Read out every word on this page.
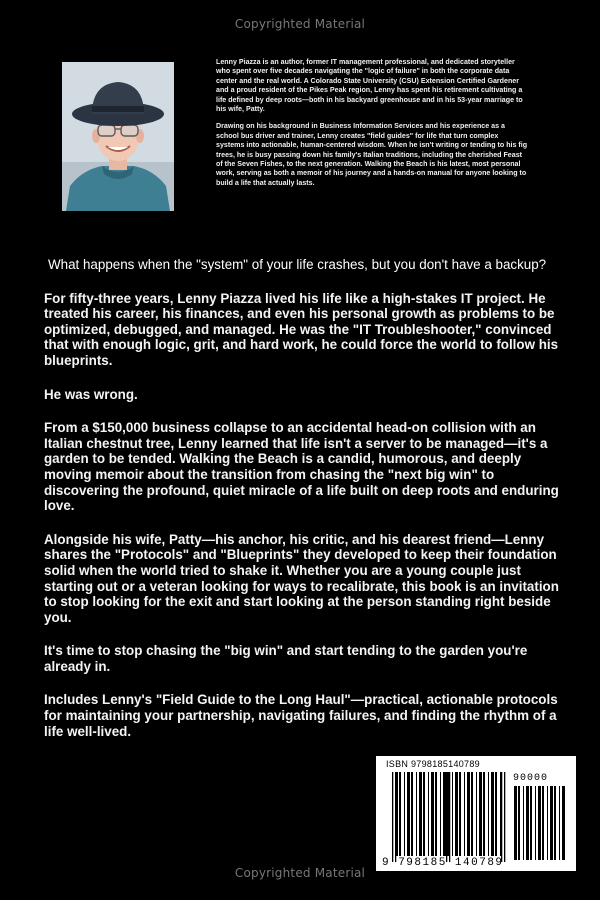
Copyrighted Material

Lenny Piazza is an author, former IT management professional, and dedicated storyteller who spent over five decades navigating the "logic of failure" in both the corporate data center and the real world. A Colorado State University (CSU) Extension Certified Gardener and a proud resident of the Pikes Peak region, Lenny has spent his retirement cultivating a life defined by deep roots—both in his backyard greenhouse and in his 53-year marriage to his wife, Patty.

Drawing on his background in Business Information Services and his experience as a school bus driver and trainer, Lenny creates "field guides" for life that turn complex systems into actionable, human-centered wisdom. When he isn't writing or tending to his fig trees, he is busy passing down his family's Italian traditions, including the cherished Feast of the Seven Fishes, to the next generation. Walking the Beach is his latest, most personal work, serving as both a memoir of his journey and a hands-on manual for anyone looking to build a life that actually lasts.

What happens when the "system" of your life crashes, but you don't have a backup?

For fifty-three years, Lenny Piazza lived his life like a high-stakes IT project. He treated his career, his finances, and even his personal growth as problems to be optimized, debugged, and managed. He was the "IT Troubleshooter," convinced that with enough logic, grit, and hard work, he could force the world to follow his blueprints.

He was wrong.

From a $150,000 business collapse to an accidental head-on collision with an Italian chestnut tree, Lenny learned that life isn't a server to be managed—it's a garden to be tended. Walking the Beach is a candid, humorous, and deeply moving memoir about the transition from chasing the "next big win" to discovering the profound, quiet miracle of a life built on deep roots and enduring love.

Alongside his wife, Patty—his anchor, his critic, and his dearest friend—Lenny shares the "Protocols" and "Blueprints" they developed to keep their foundation solid when the world tried to shake it. Whether you are a young couple just starting out or a veteran looking for ways to recalibrate, this book is an invitation to stop looking for the exit and start looking at the person standing right beside you.

It's time to stop chasing the "big win" and start tending to the garden you're already in.

Includes Lenny's "Field Guide to the Long Haul"—practical, actionable protocols for maintaining your partnership, navigating failures, and finding the rhythm of a life well-lived.

ISBN 9798185140789
90000
9 798185 140789
Copyrighted Material
